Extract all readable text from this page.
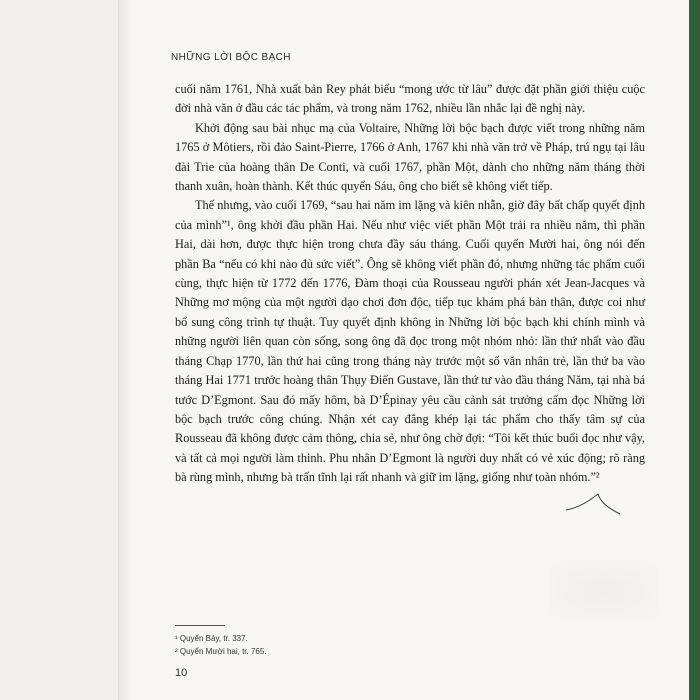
NHỮNG LỜI BỘC BẠCH

cuối năm 1761, Nhà xuất bản Rey phát biểu “mong ước từ lâu” được đặt phần giới thiệu cuộc đời nhà văn ở đầu các tác phẩm, và trong năm 1762, nhiều lần nhắc lại đề nghị này.

Khởi động sau bài nhục mạ của Voltaire, Những lời bộc bạch được viết trong những năm 1765 ở Môtiers, rồi đảo Saint-Pierre, 1766 ở Anh, 1767 khi nhà văn trở về Pháp, trú ngụ tại lâu đài Trie của hoàng thân De Conti, và cuối 1767, phần Một, dành cho những năm tháng thời thanh xuân, hoàn thành. Kết thúc quyển Sáu, ông cho biết sẽ không viết tiếp.

Thế nhưng, vào cuối 1769, “sau hai năm im lặng và kiên nhẫn, giờ đây bất chấp quyết định của mình”¹, ông khởi đầu phần Hai. Nếu như việc viết phần Một trải ra nhiều năm, thì phần Hai, dài hơn, được thực hiện trong chưa đầy sáu tháng. Cuối quyển Mười hai, ông nói đến phần Ba “nếu có khi nào đủ sức viết”. Ông sẽ không viết phần đó, nhưng những tác phẩm cuối cùng, thực hiện từ 1772 đến 1776, Đàm thoại của Rousseau người phán xét Jean-Jacques và Những mơ mộng của một người dạo chơi đơn độc, tiếp tục khám phá bản thân, được coi như bổ sung công trình tự thuật. Tuy quyết định không in Những lời bộc bạch khi chính mình và những người liên quan còn sống, song ông đã đọc trong một nhóm nhỏ: lần thứ nhất vào đầu tháng Chạp 1770, lần thứ hai cũng trong tháng này trước một số văn nhân trẻ, lần thứ ba vào tháng Hai 1771 trước hoàng thân Thụy Điển Gustave, lần thứ tư vào đầu tháng Năm, tại nhà bá tước D’Egmont. Sau đó mấy hôm, bà D’Épinay yêu cầu cảnh sát trưởng cấm đọc Những lời bộc bạch trước công chúng. Nhận xét cay đắng khép lại tác phẩm cho thấy tâm sự của Rousseau đã không được cảm thông, chia sẻ, như ông chờ đợi: “Tôi kết thúc buổi đọc như vậy, và tất cả mọi người làm thinh. Phu nhân D’Egmont là người duy nhất có vẻ xúc động; rõ ràng bà rùng mình, nhưng bà trấn tĩnh lại rất nhanh và giữ im lặng, giống như toàn nhóm.”²

¹ Quyển Bảy, tr. 337.
² Quyển Mười hai, tr. 765.
10
